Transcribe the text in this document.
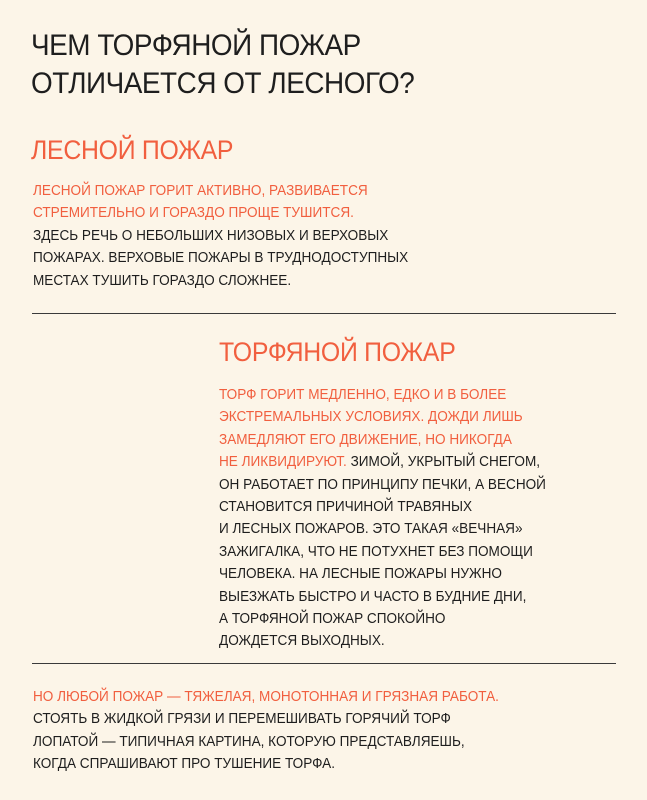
ЧЕМ ТОРФЯНОЙ ПОЖАР
ОТЛИЧАЕТСЯ ОТ ЛЕСНОГО?
ЛЕСНОЙ ПОЖАР

ЛЕСНОЙ ПОЖАР ГОРИТ АКТИВНО, РАЗВИВАЕТСЯ
СТРЕМИТЕЛЬНО И ГОРАЗДО ПРОЩЕ ТУШИТСЯ.
ЗДЕСЬ РЕЧЬ О НЕБОЛЬШИХ НИЗОВЫХ И ВЕРХОВЫХ
ПОЖАРАХ. ВЕРХОВЫЕ ПОЖАРЫ В ТРУДНОДОСТУПНЫХ
МЕСТАХ ТУШИТЬ ГОРАЗДО СЛОЖНЕЕ.

ТОРФЯНОЙ ПОЖАР

ТОРФ ГОРИТ МЕДЛЕННО, ЕДКО И В БОЛЕЕ
ЭКСТРЕМАЛЬНЫХ УСЛОВИЯХ. ДОЖДИ ЛИШЬ
ЗАМЕДЛЯЮТ ЕГО ДВИЖЕНИЕ, НО НИКОГДА
НЕ ЛИКВИДИРУЮТ. ЗИМОЙ, УКРЫТЫЙ СНЕГОМ,
ОН РАБОТАЕТ ПО ПРИНЦИПУ ПЕЧКИ, А ВЕСНОЙ
СТАНОВИТСЯ ПРИЧИНОЙ ТРАВЯНЫХ
И ЛЕСНЫХ ПОЖАРОВ. ЭТО ТАКАЯ «ВЕЧНАЯ»
ЗАЖИГАЛКА, ЧТО НЕ ПОТУХНЕТ БЕЗ ПОМОЩИ
ЧЕЛОВЕКА. НА ЛЕСНЫЕ ПОЖАРЫ НУЖНО
ВЫЕЗЖАТЬ БЫСТРО И ЧАСТО В БУДНИЕ ДНИ,
А ТОРФЯНОЙ ПОЖАР СПОКОЙНО
ДОЖДЕТСЯ ВЫХОДНЫХ.

НО ЛЮБОЙ ПОЖАР — ТЯЖЕЛАЯ, МОНОТОННАЯ И ГРЯЗНАЯ РАБОТА.
СТОЯТЬ В ЖИДКОЙ ГРЯЗИ И ПЕРЕМЕШИВАТЬ ГОРЯЧИЙ ТОРФ
ЛОПАТОЙ — ТИПИЧНАЯ КАРТИНА, КОТОРУЮ ПРЕДСТАВЛЯЕШЬ,
КОГДА СПРАШИВАЮТ ПРО ТУШЕНИЕ ТОРФА.
